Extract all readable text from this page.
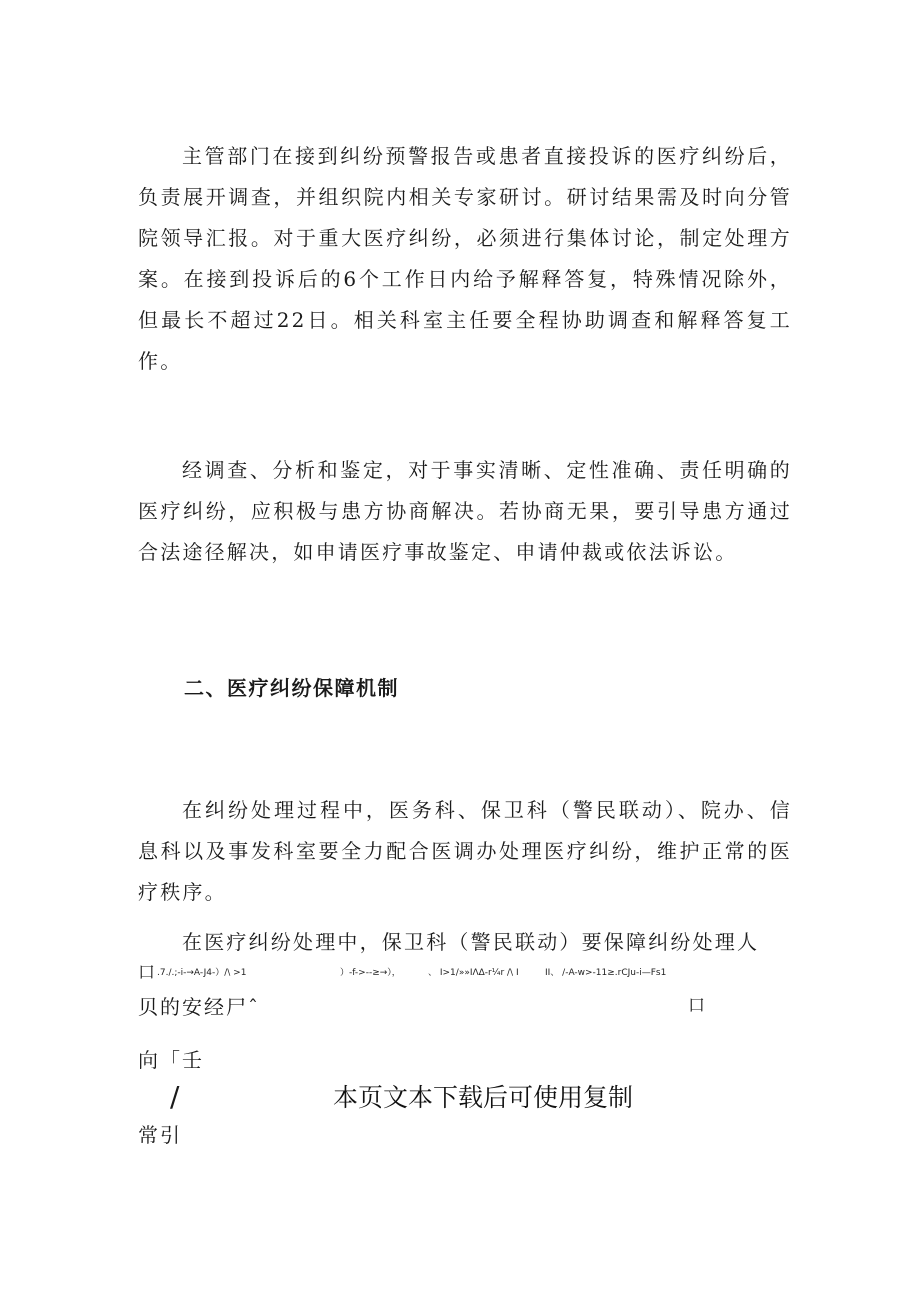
主管部门在接到纠纷预警报告或患者直接投诉的医疗纠纷后，负责展开调查，并组织院内相关专家研讨。研讨结果需及时向分管院领导汇报。对于重大医疗纠纷，必须进行集体讨论，制定处理方案。在接到投诉后的6个工作日内给予解释答复，特殊情况除外，但最长不超过22日。相关科室主任要全程协助调查和解释答复工作。

经调查、分析和鉴定，对于事实清晰、定性准确、责任明确的医疗纠纷，应积极与患方协商解决。若协商无果，要引导患方通过合法途径解决，如申请医疗事故鉴定、申请仲裁或依法诉讼。

二、医疗纠纷保障机制

在纠纷处理过程中，医务科、保卫科（警民联动）、院办、信息科以及事发科室要全力配合医调办处理医疗纠纷，维护正常的医疗秩序。

在医疗纠纷处理中，保卫科（警民联动）要保障纠纷处理人

口 .7./.;-i-→A-J4-）/\ >1	）-f->--≥→），	、 I>1/»»IΛΔ-r¼r /\ I	II、 /-A-w>-11≥.rCJu-i—Fs1
贝的安经尸ˆ	口
向「壬
/	本页文本下载后可使用复制
常引
